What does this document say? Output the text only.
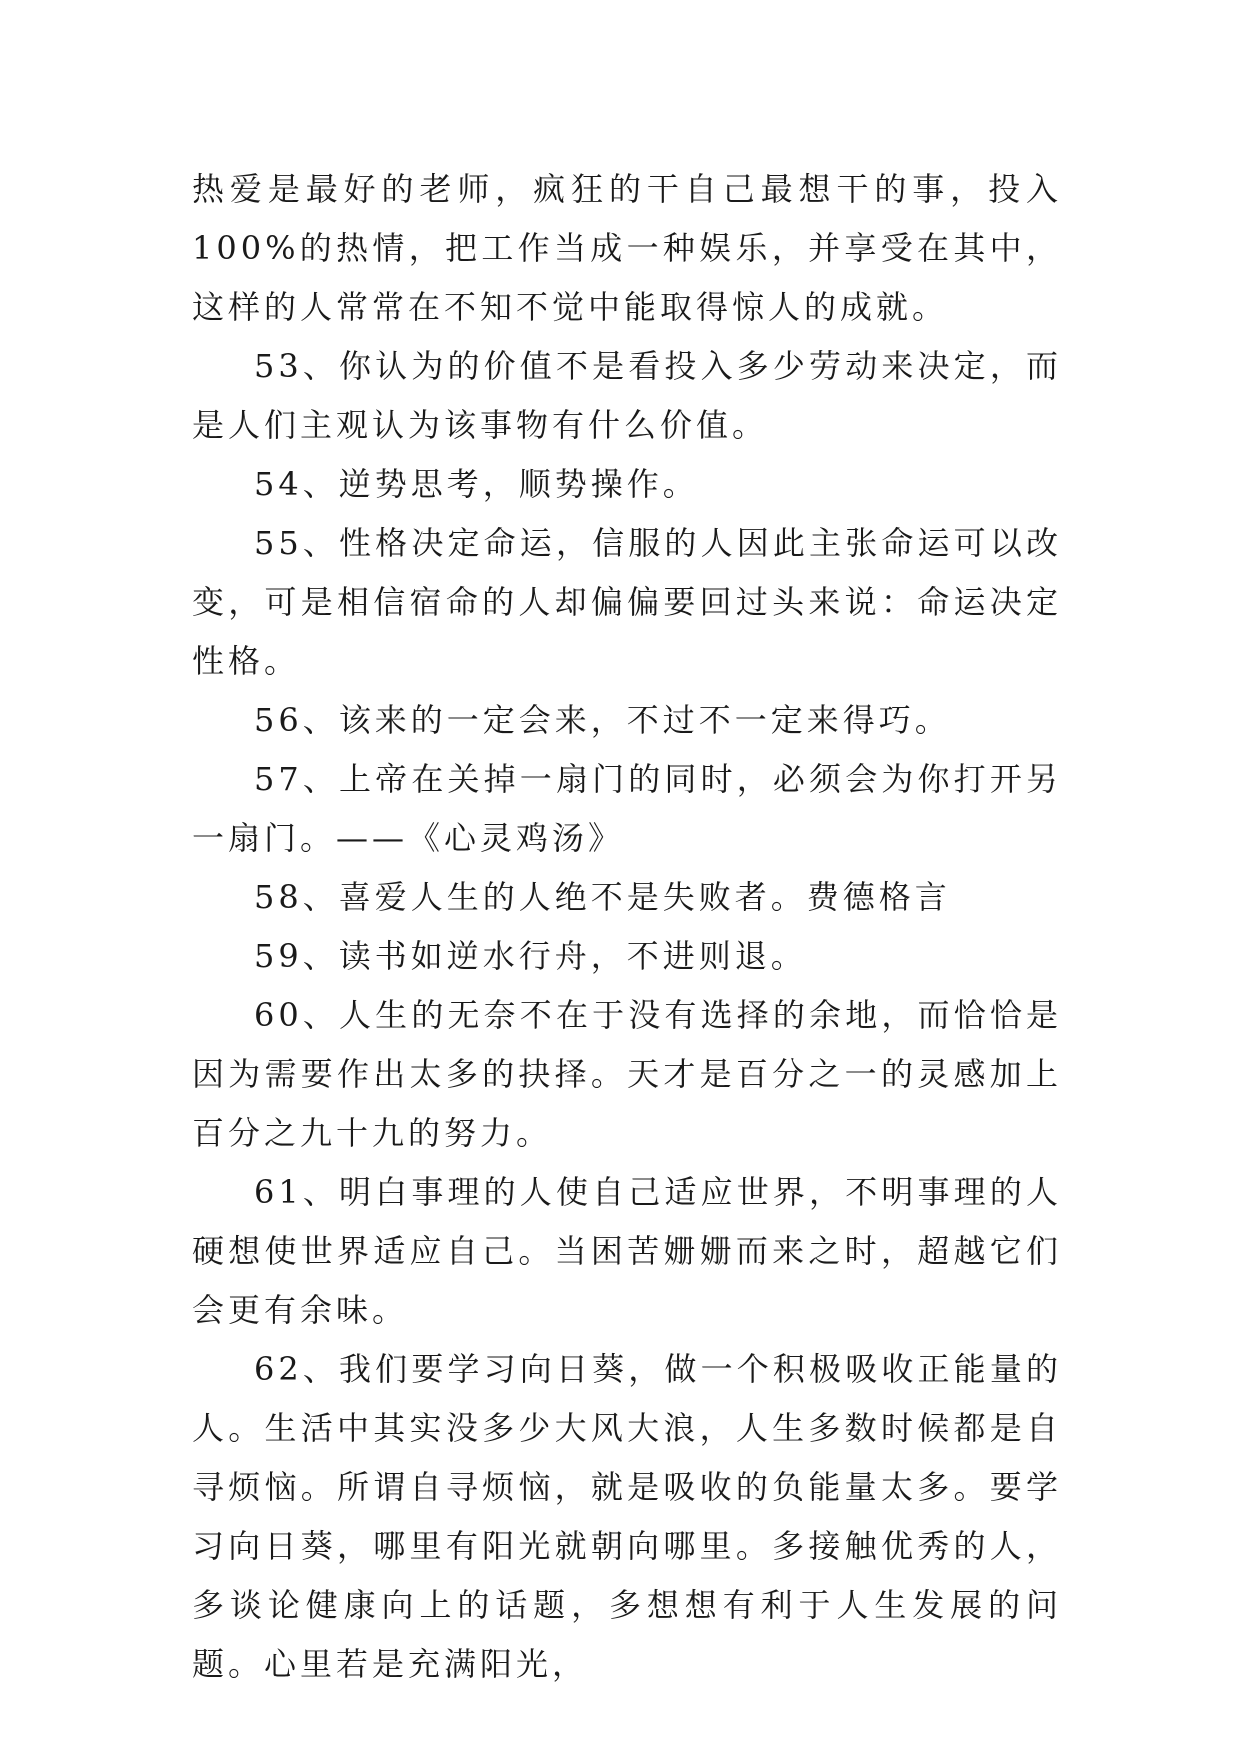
热爱是最好的老师，疯狂的干自己最想干的事，投入100%的热情，把工作当成一种娱乐，并享受在其中，这样的人常常在不知不觉中能取得惊人的成就。

53、你认为的价值不是看投入多少劳动来决定，而是人们主观认为该事物有什么价值。

54、逆势思考，顺势操作。

55、性格决定命运，信服的人因此主张命运可以改变，可是相信宿命的人却偏偏要回过头来说：命运决定性格。

56、该来的一定会来，不过不一定来得巧。

57、上帝在关掉一扇门的同时，必须会为你打开另一扇门。——《心灵鸡汤》

58、喜爱人生的人绝不是失败者。费德格言

59、读书如逆水行舟，不进则退。

60、人生的无奈不在于没有选择的余地，而恰恰是因为需要作出太多的抉择。天才是百分之一的灵感加上百分之九十九的努力。

61、明白事理的人使自己适应世界，不明事理的人硬想使世界适应自己。当困苦姗姗而来之时，超越它们会更有余味。

62、我们要学习向日葵，做一个积极吸收正能量的人。生活中其实没多少大风大浪，人生多数时候都是自寻烦恼。所谓自寻烦恼，就是吸收的负能量太多。要学习向日葵，哪里有阳光就朝向哪里。多接触优秀的人，多谈论健康向上的话题，多想想有利于人生发展的问题。心里若是充满阳光，
